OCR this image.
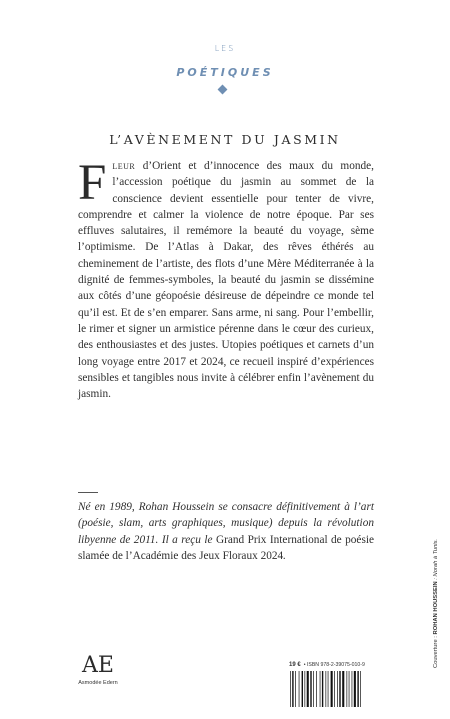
LES
POÉTIQUES
L’AVÈNEMENT DU JASMIN
Fleur d’Orient et d’innocence des maux du monde, l’accession poétique du jasmin au sommet de la conscience devient essentielle pour tenter de vivre, comprendre et calmer la violence de notre époque. Par ses effluves salutaires, il remémore la beauté du voyage, sème l’optimisme. De l’Atlas à Dakar, des rêves éthérés au cheminement de l’artiste, des flots d’une Mère Méditerranée à la dignité de femmes-symboles, la beauté du jasmin se dissémine aux côtés d’une géopoésie désireuse de dépeindre ce monde tel qu’il est. Et de s’en emparer. Sans arme, ni sang. Pour l’embellir, le rimer et signer un armistice pérenne dans le cœur des curieux, des enthousiastes et des justes. Utopies poétiques et carnets d’un long voyage entre 2017 et 2024, ce recueil inspiré d’expériences sensibles et tangibles nous invite à célébrer enfin l’avènement du jasmin.
Né en 1989, Rohan Houssein se consacre définitivement à l’art (poésie, slam, arts graphiques, musique) depuis la révolution libyenne de 2011. Il a reçu le Grand Prix International de poésie slamée de l’Académie des Jeux Floraux 2024.
Couverture : ROHAN HOUSSEIN : Norah à Tunis.
AE
Asmodée Edern
19 € • ISBN 978-2-39075-010-9
